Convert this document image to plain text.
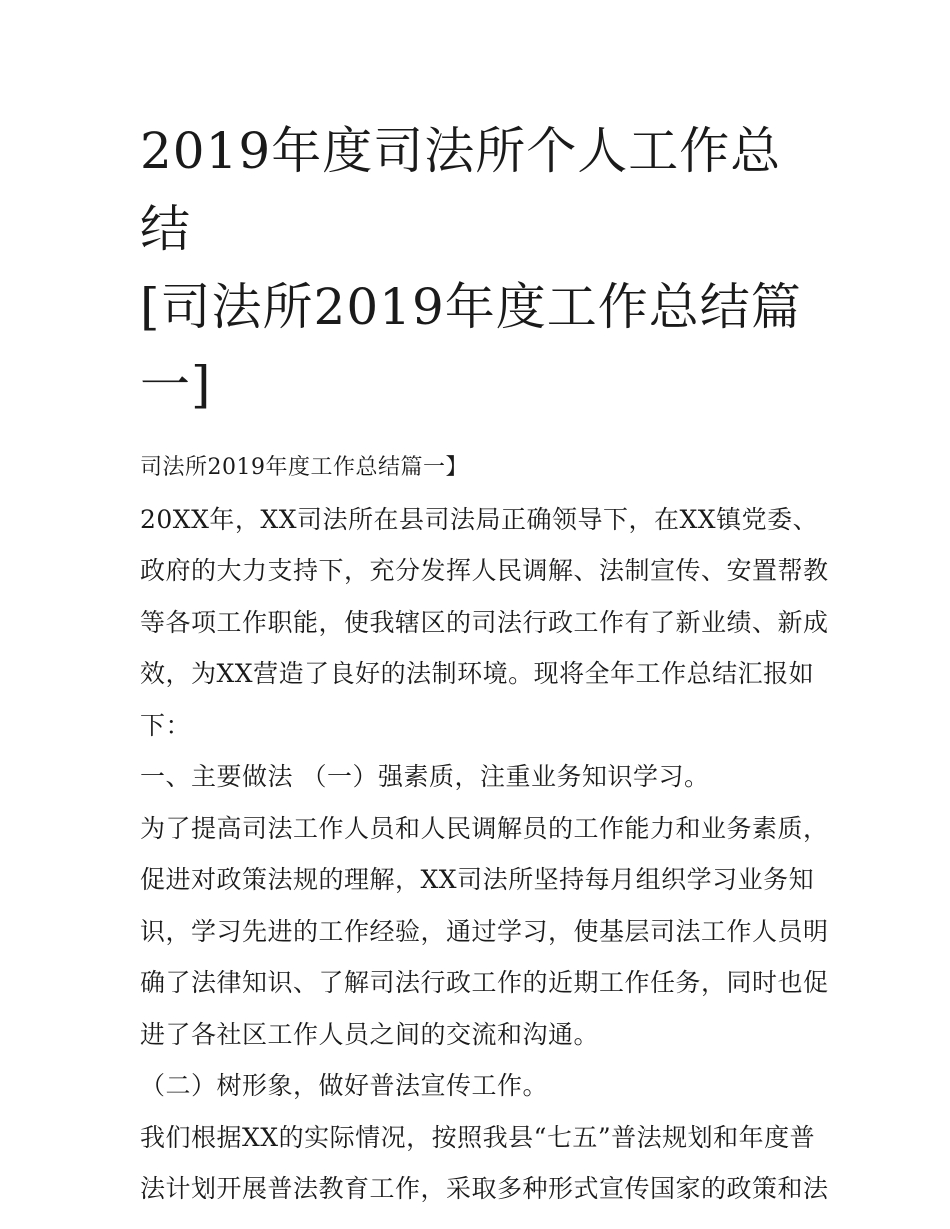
2019年度司法所个人工作总结
[司法所2019年度工作总结篇
一]
司法所2019年度工作总结篇一】
20XX年，XX司法所在县司法局正确领导下，在XX镇党委、
政府的大力支持下，充分发挥人民调解、法制宣传、安置帮教
等各项工作职能，使我辖区的司法行政工作有了新业绩、新成
效，为XX营造了良好的法制环境。现将全年工作总结汇报如
下：
一、主要做法 （一）强素质，注重业务知识学习。
为了提高司法工作人员和人民调解员的工作能力和业务素质，
促进对政策法规的理解，XX司法所坚持每月组织学习业务知
识，学习先进的工作经验，通过学习，使基层司法工作人员明
确了法律知识、了解司法行政工作的近期工作任务，同时也促
进了各社区工作人员之间的交流和沟通。
（二）树形象，做好普法宣传工作。
我们根据XX的实际情况，按照我县“七五”普法规划和年度普
法计划开展普法教育工作，采取多种形式宣传国家的政策和法
